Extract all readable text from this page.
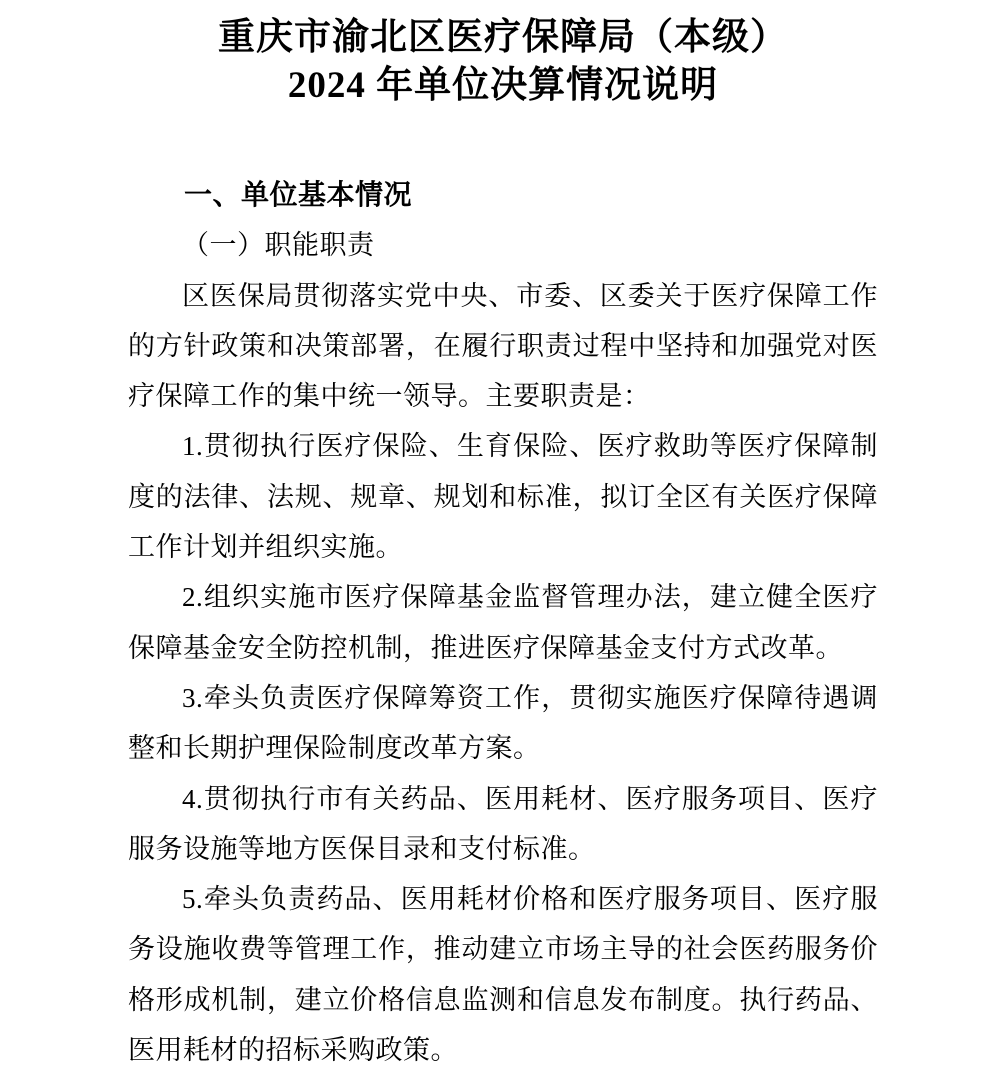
重庆市渝北区医疗保障局（本级）
2024 年单位决算情况说明

一、单位基本情况

（一）职能职责

区医保局贯彻落实党中央、市委、区委关于医疗保障工作的方针政策和决策部署，在履行职责过程中坚持和加强党对医疗保障工作的集中统一领导。主要职责是：

1.贯彻执行医疗保险、生育保险、医疗救助等医疗保障制度的法律、法规、规章、规划和标准，拟订全区有关医疗保障工作计划并组织实施。

2.组织实施市医疗保障基金监督管理办法，建立健全医疗保障基金安全防控机制，推进医疗保障基金支付方式改革。

3.牵头负责医疗保障筹资工作，贯彻实施医疗保障待遇调整和长期护理保险制度改革方案。

4.贯彻执行市有关药品、医用耗材、医疗服务项目、医疗服务设施等地方医保目录和支付标准。

5.牵头负责药品、医用耗材价格和医疗服务项目、医疗服务设施收费等管理工作，推动建立市场主导的社会医药服务价格形成机制，建立价格信息监测和信息发布制度。执行药品、医用耗材的招标采购政策。
